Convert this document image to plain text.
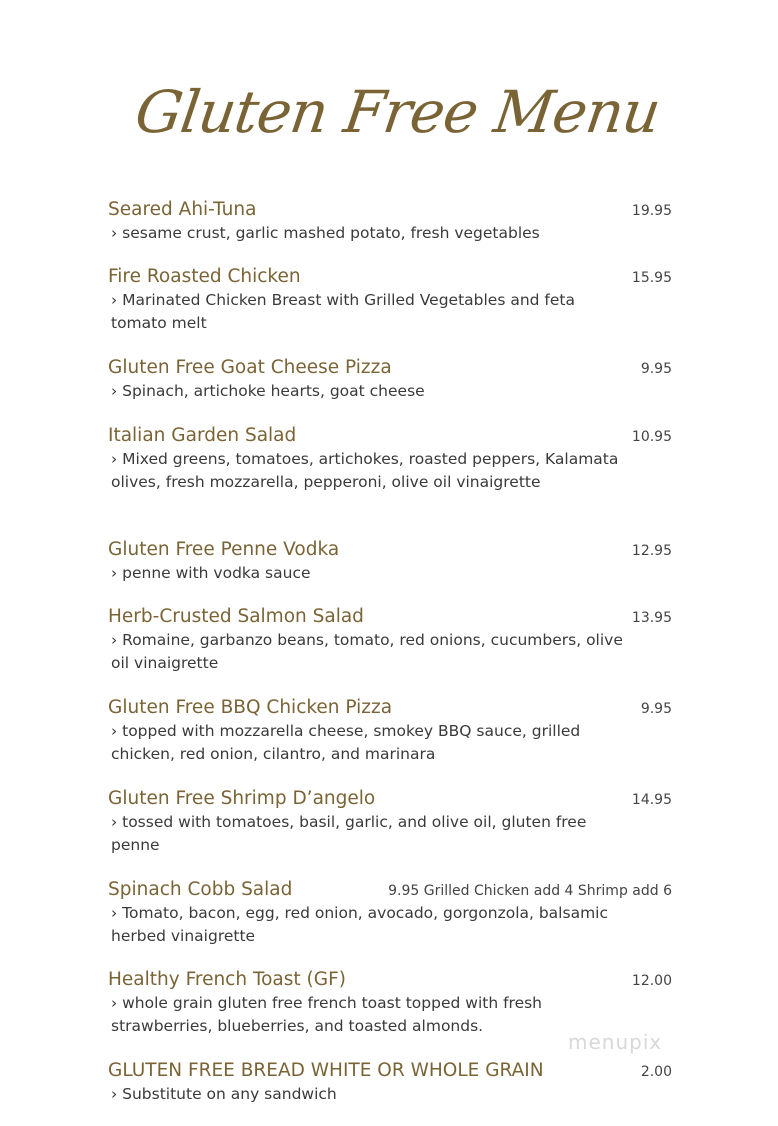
Gluten Free Menu
Seared Ahi-Tuna	19.95
› sesame crust, garlic mashed potato, fresh vegetables
Fire Roasted Chicken	15.95
› Marinated Chicken Breast with Grilled Vegetables and feta tomato melt
Gluten Free Goat Cheese Pizza	9.95
› Spinach, artichoke hearts, goat cheese
Italian Garden Salad	10.95
› Mixed greens, tomatoes, artichokes, roasted peppers, Kalamata olives, fresh mozzarella, pepperoni, olive oil vinaigrette
Gluten Free Penne Vodka	12.95
› penne with vodka sauce
Herb-Crusted Salmon Salad	13.95
› Romaine, garbanzo beans, tomato, red onions, cucumbers, olive oil vinaigrette
Gluten Free BBQ Chicken Pizza	9.95
› topped with mozzarella cheese, smokey BBQ sauce, grilled chicken, red onion, cilantro, and marinara
Gluten Free Shrimp D’angelo	14.95
› tossed with tomatoes, basil, garlic, and olive oil, gluten free penne
Spinach Cobb Salad	9.95 Grilled Chicken add 4 Shrimp add 6
› Tomato, bacon, egg, red onion, avocado, gorgonzola, balsamic herbed vinaigrette
Healthy French Toast (GF)	12.00
› whole grain gluten free french toast topped with fresh strawberries, blueberries, and toasted almonds.
GLUTEN FREE BREAD WHITE OR WHOLE GRAIN	2.00
› Substitute on any sandwich
menupix
